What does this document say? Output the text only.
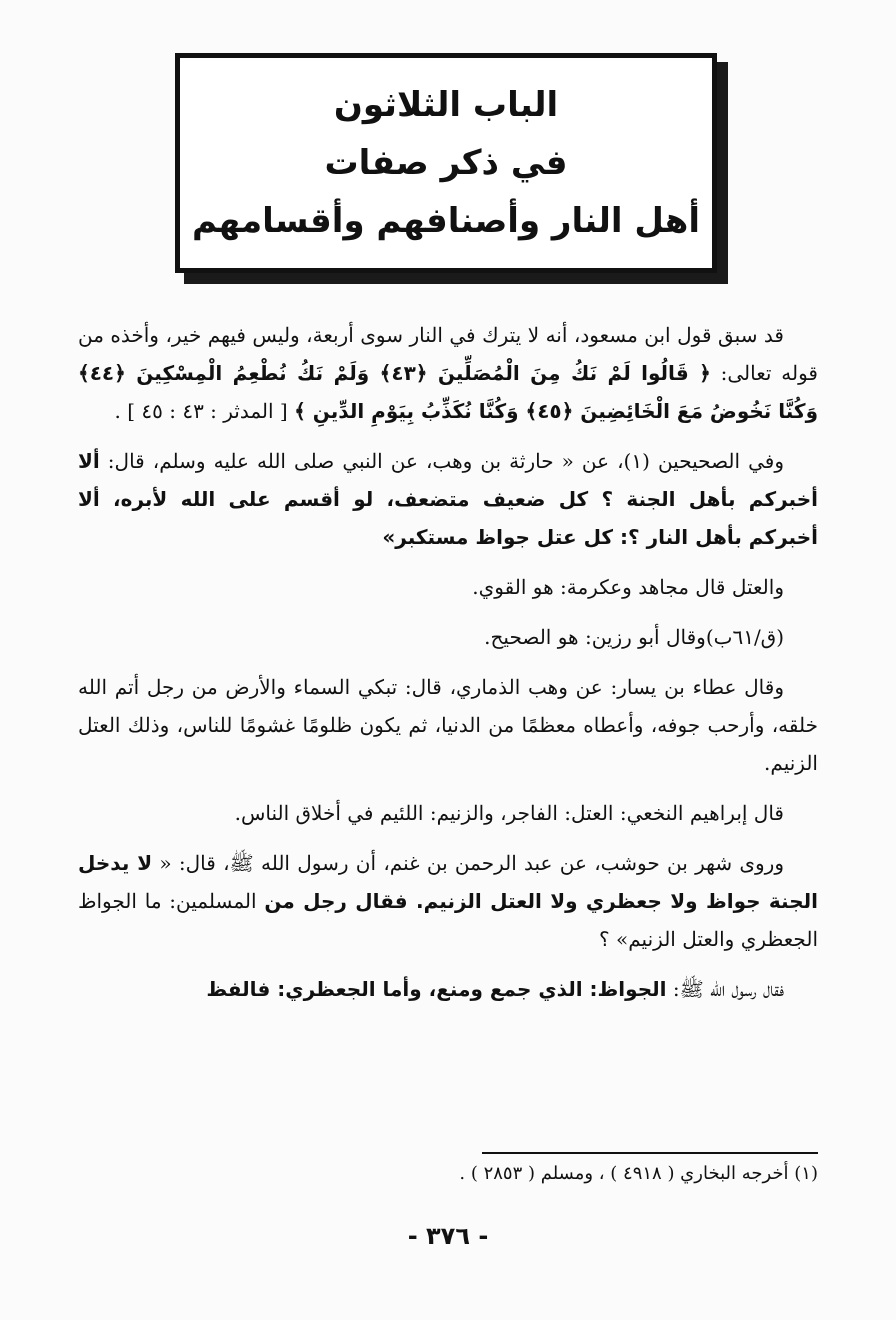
الباب الثلاثون
في ذكر صفات
أهل النار وأصنافهم وأقسامهم

قد سبق قول ابن مسعود، أنه لا يترك في النار سوى أربعة، وليس فيهم خير، وأخذه من قوله تعالى: ﴿ قَالُوا لَمْ نَكُ مِنَ الْمُصَلِّينَ ﴿٤٣﴾ وَلَمْ نَكُ نُطْعِمُ الْمِسْكِينَ ﴿٤٤﴾ وَكُنَّا نَخُوضُ مَعَ الْخَائِضِينَ ﴿٤٥﴾ وَكُنَّا نُكَذِّبُ بِيَوْمِ الدِّينِ ﴾ [ المدثر : ٤٣ : ٤٥ ] .

وفي الصحيحين (١)، عن « حارثة بن وهب، عن النبي صلى الله عليه وسلم، قال: ألا أخبركم بأهل الجنة ؟ كل ضعيف متضعف، لو أقسم على الله لأبره، ألا أخبركم بأهل النار ؟: كل عتل جواظ مستكبر»

والعتل قال مجاهد وعكرمة: هو القوي.

(ق/٦١ب)وقال أبو رزين: هو الصحيح.

وقال عطاء بن يسار: عن وهب الذماري، قال: تبكي السماء والأرض من رجل أتم الله خلقه، وأرحب جوفه، وأعطاه معظمًا من الدنيا، ثم يكون ظلومًا غشومًا للناس، وذلك العتل الزنيم.

قال إبراهيم النخعي: العتل: الفاجر، والزنيم: اللئيم في أخلاق الناس.

وروى شهر بن حوشب، عن عبد الرحمن بن غنم، أن رسول الله ﷺ، قال: « لا يدخل الجنة جواظ ولا جعظري ولا العتل الزنيم. فقال رجل من المسلمين: ما الجواظ الجعظري والعتل الزنيم» ؟

فقال رسول الله ﷺ: الجواظ: الذي جمع ومنع، وأما الجعظري: فالفظ

(١) أخرجه البخاري ( ٤٩١٨ ) ، ومسلم ( ٢٨٥٣ ) .
- ٣٧٦ -
